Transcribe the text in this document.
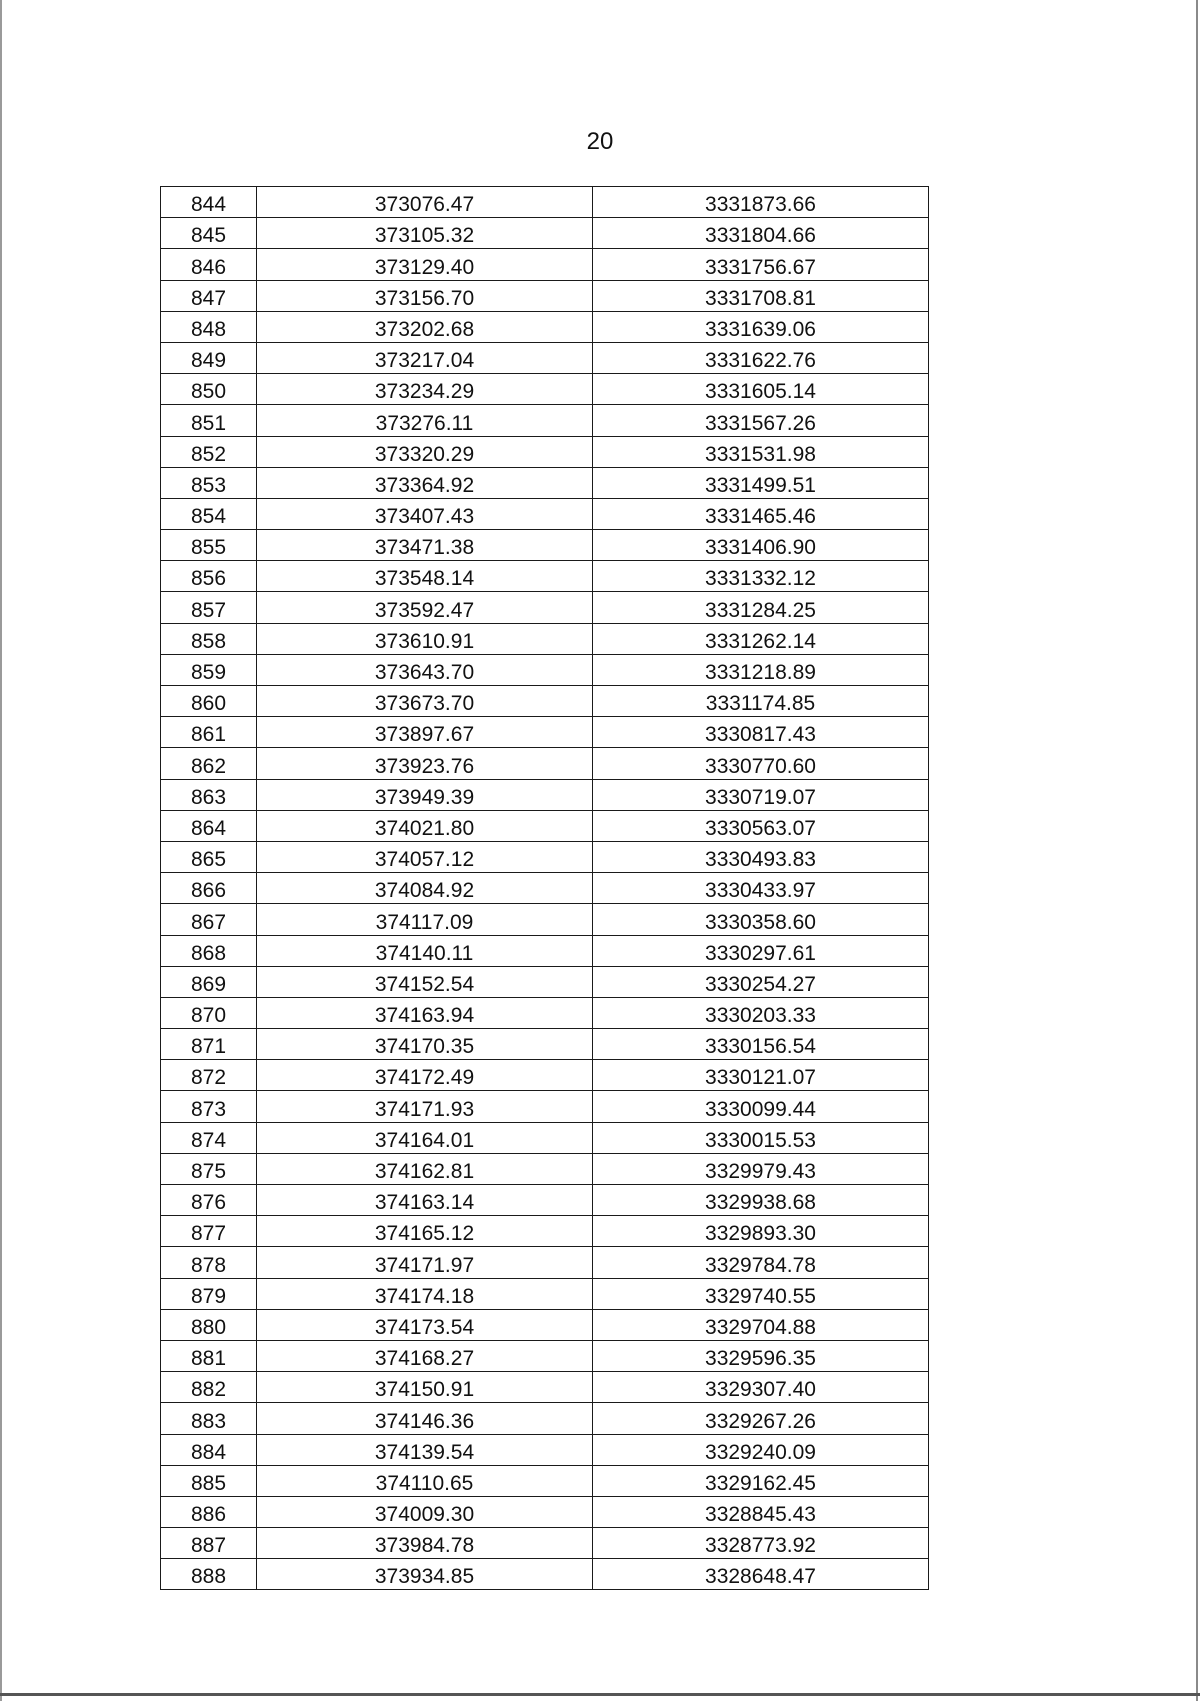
20
844	373076.47	3331873.66
845	373105.32	3331804.66
846	373129.40	3331756.67
847	373156.70	3331708.81
848	373202.68	3331639.06
849	373217.04	3331622.76
850	373234.29	3331605.14
851	373276.11	3331567.26
852	373320.29	3331531.98
853	373364.92	3331499.51
854	373407.43	3331465.46
855	373471.38	3331406.90
856	373548.14	3331332.12
857	373592.47	3331284.25
858	373610.91	3331262.14
859	373643.70	3331218.89
860	373673.70	3331174.85
861	373897.67	3330817.43
862	373923.76	3330770.60
863	373949.39	3330719.07
864	374021.80	3330563.07
865	374057.12	3330493.83
866	374084.92	3330433.97
867	374117.09	3330358.60
868	374140.11	3330297.61
869	374152.54	3330254.27
870	374163.94	3330203.33
871	374170.35	3330156.54
872	374172.49	3330121.07
873	374171.93	3330099.44
874	374164.01	3330015.53
875	374162.81	3329979.43
876	374163.14	3329938.68
877	374165.12	3329893.30
878	374171.97	3329784.78
879	374174.18	3329740.55
880	374173.54	3329704.88
881	374168.27	3329596.35
882	374150.91	3329307.40
883	374146.36	3329267.26
884	374139.54	3329240.09
885	374110.65	3329162.45
886	374009.30	3328845.43
887	373984.78	3328773.92
888	373934.85	3328648.47
